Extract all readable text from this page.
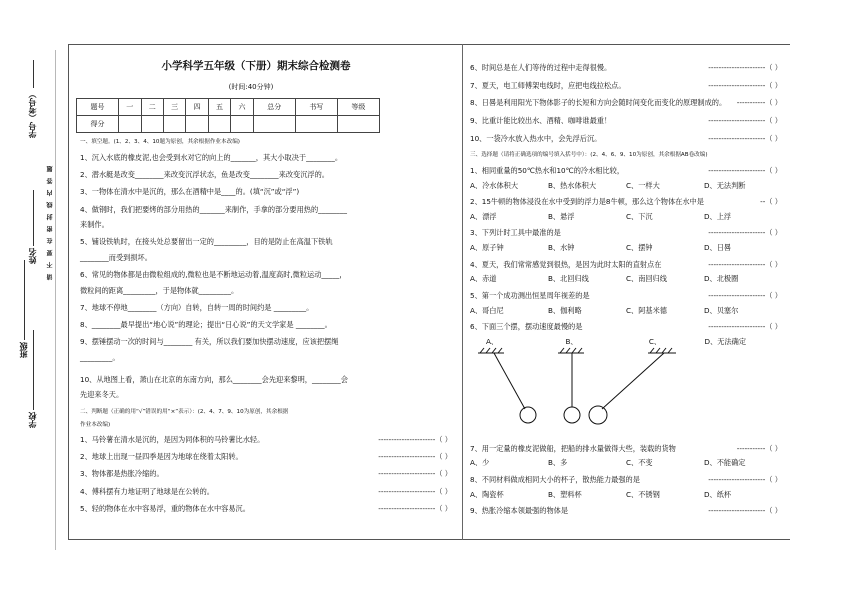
学校
姓名
学号（考号）
班级
请不要在密封线内答题
小学科学五年级（下册）期末综合检测卷
(时间:40分钟)
题号	一	二	三	四	五	六	总分	书写	等级
得分									
一、填空题。(1、2、3、4、10题为原创，其余根据作业本改编)
1、沉入水底的橡皮泥,也会受到水对它的向上的_______，其大小取决于________。
2、潜水艇是改变________来改变沉浮状态，鱼是改变________来改变沉浮的。
3、一物体在清水中是沉的，那么在酒精中是____的。(填“沉”或“浮”)
4、做钢时，我们把要烤的部分用热的_______来制作，手拿的部分要用热的________
来制作。
5、铺设铁轨时，在接头处总要留出一定的_________，目的是防止在高温下铁轨
________而受到损坏。
6、常见的物体都是由微粒组成的,微粒也是不断地运动着,温度高时,微粒运动_____，
微粒间的距离_________，于是物体就_________。
7、地球不停地________（方向）自转，自转一周的时间约是 _________。
8、________最早提出“地心说”的理论；提出“日心说”的天文学家是 ________。
9、摆锤摆动一次的时间与________ 有关，所以我们要加快摆动速度，应该把摆绳
_________。
10、从地图上看，萧山在北京的东南方向，那么________会先迎来黎明，________会
先迎来冬天。
二、判断题（正确的用“√”错误的用“×”表示）：(2、4、7、9、10为原创，其余根据
作业本改编)
1、马铃薯在清水是沉的，是因为同体积的马铃薯比水轻。	----------------------（ ）
2、地球上出现一昼四季是因为地球在绕着太阳转。	----------------------（ ）
3、物体都是热胀冷缩的。	----------------------（ ）
4、傅科摆有力地证明了地球是在公转的。	----------------------（ ）
5、轻的物体在水中容易浮，重的物体在水中容易沉。	----------------------（ ）
6、时间总是在人们等待的过程中走得很慢。	----------------------（ ）
7、夏天，电工师傅架电线时，应把电线拉松点。	----------------------（ ）
8、日晷是利用阳光下物体影子的长短和方向会随时间变化而变化的原理制成的。 -----------（ ）
9、比重计能比较出水、酒精、咖啡谁最重！	----------------------（ ）
10、一袋冷水放入热水中，会先浮后沉。	----------------------（ ）
三、选择题（请将正确选项的编号填入括号中）：(2、4、6、9、10为原创，其余根据AB卷改编)
1、相同重量的50℃热水和10℃的冷水相比较，	----------------------（ ）
A、冷水体积大	B、热水体积大	C、一样大	D、无法判断
2、15牛顿的物体浸没在水中受到的浮力是8牛顿，那么这个物体在水中是	--（ ）
A、漂浮	B、悬浮	C、下沉	D、上浮
3、下列计时工具中最准的是	----------------------（ ）
A、原子钟	B、水钟	C、摆钟	D、日晷
4、夏天，我们常常感觉到很热，是因为此时太阳的直射点在	----------------------（ ）
A、赤道	B、北回归线	C、南回归线	D、北极圈
5、第一个成功测出恒星周年视差的是	----------------------（ ）
A、哥白尼	B、伽利略	C、阿基米德	D、贝塞尔
6、下面三个摆，摆动速度最慢的是	----------------------（ ）
A、	B、	C、	D、无法确定
7、用一定量的橡皮泥做船，把船的排水量做得大些，装载的货物	-----------（ ）
A、少	B、多	C、不变	D、不能确定
8、不同材料做成相同大小的杯子，散热能力最强的是	----------------------（ ）
A、陶瓷杯	B、塑料杯	C、不锈钢	D、纸杯
9、热胀冷缩本领最强的物体是	----------------------（ ）
